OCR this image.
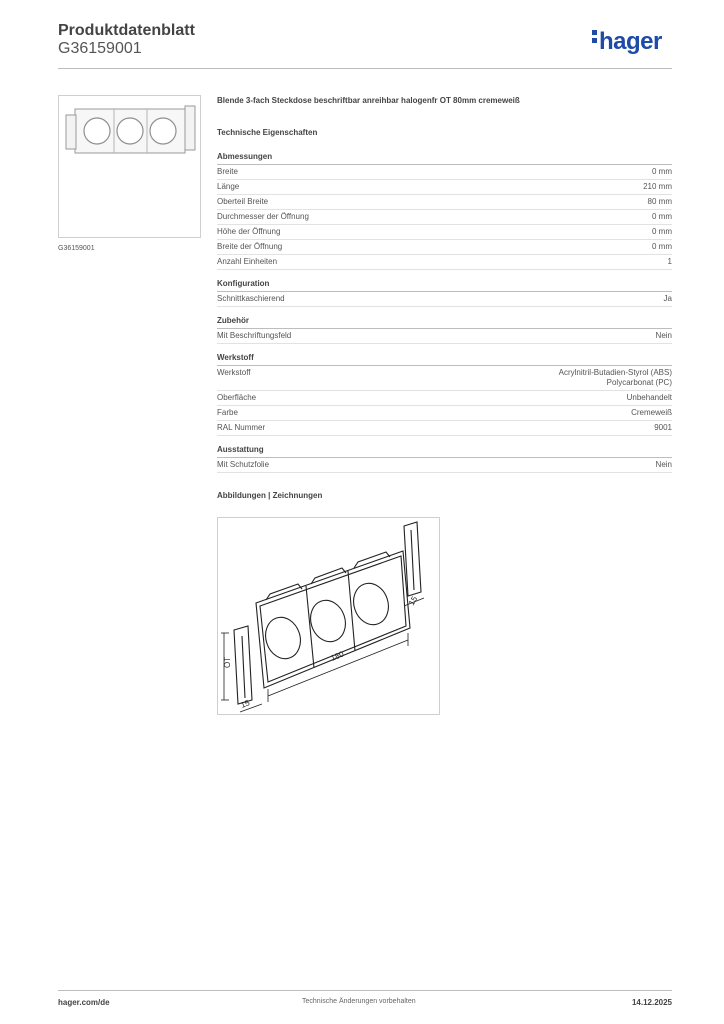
Produktdatenblatt
G36159001	hager
G36159001
Blende 3-fach Steckdose beschriftbar anreihbar halogenfr OT 80mm cremeweiß
Technische Eigenschaften
Abmessungen
Breite	0 mm
Länge	210 mm
Oberteil Breite	80 mm
Durchmesser der Öffnung	0 mm
Höhe der Öffnung	0 mm
Breite der Öffnung	0 mm
Anzahl Einheiten	1
Konfiguration
Schnittkaschierend	Ja
Zubehör
Mit Beschriftungsfeld	Nein
Werkstoff
Werkstoff	Acrylnitril-Butadien-Styrol (ABS)
Polycarbonat (PC)
Oberfläche	Unbehandelt
Farbe	Cremeweiß
RAL Nummer	9001
Ausstattung
Mit Schutzfolie	Nein
Abbildungen | Zeichnungen
180
15
15
OT
hager.com/de	Technische Änderungen vorbehalten	14.12.2025
